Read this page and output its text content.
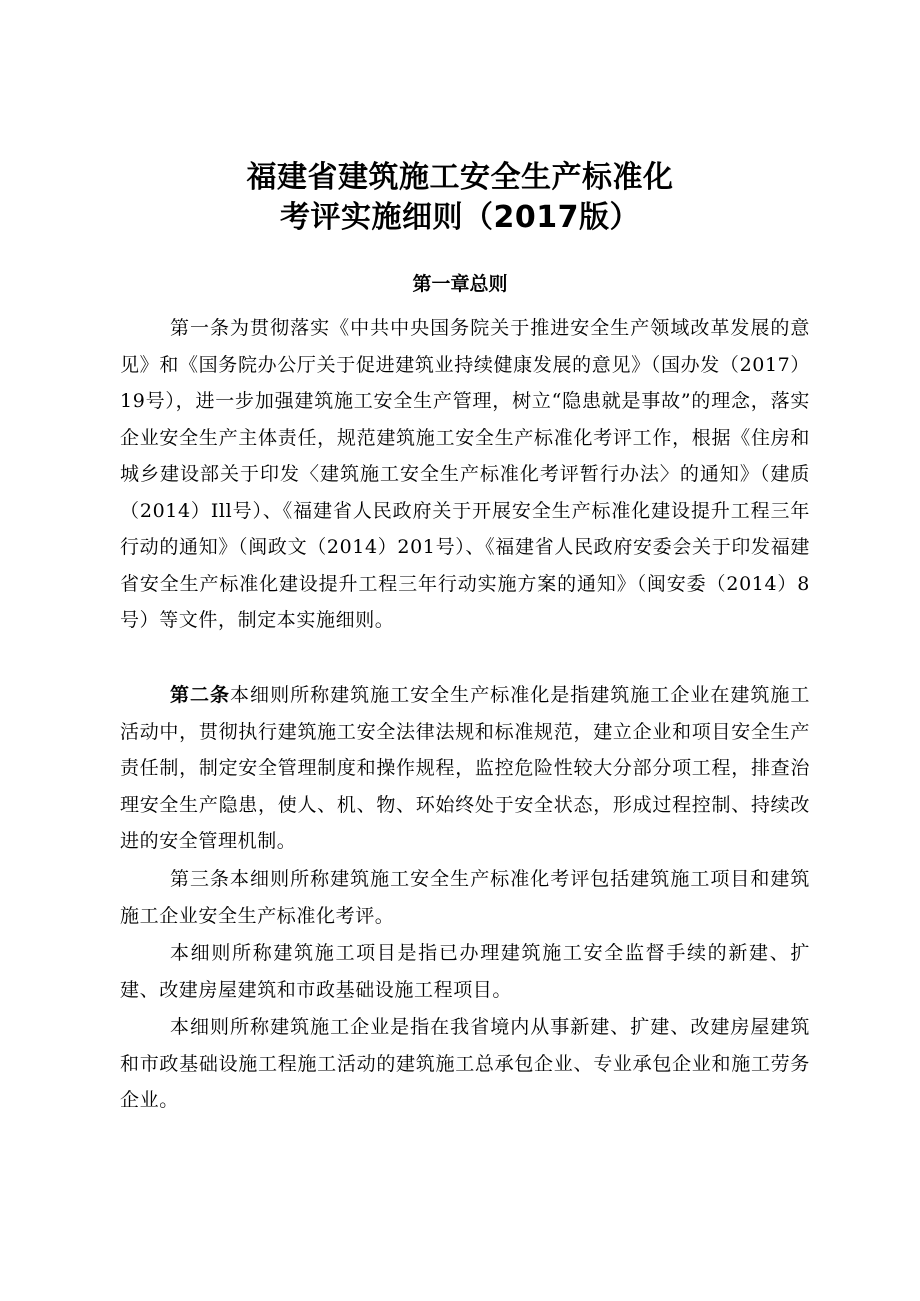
福建省建筑施工安全生产标准化
考评实施细则（2017版）
第一章总则

第一条为贯彻落实《中共中央国务院关于推进安全生产领域改革发展的意见》和《国务院办公厅关于促进建筑业持续健康发展的意见》（国办发（2017）19号），进一步加强建筑施工安全生产管理，树立“隐患就是事故”的理念，落实企业安全生产主体责任，规范建筑施工安全生产标准化考评工作，根据《住房和城乡建设部关于印发〈建筑施工安全生产标准化考评暂行办法〉的通知》（建质（2014）Ill号）、《福建省人民政府关于开展安全生产标准化建设提升工程三年行动的通知》（闽政文（2014）201号）、《福建省人民政府安委会关于印发福建省安全生产标准化建设提升工程三年行动实施方案的通知》（闽安委（2014）8号）等文件，制定本实施细则。

第二条本细则所称建筑施工安全生产标准化是指建筑施工企业在建筑施工活动中，贯彻执行建筑施工安全法律法规和标准规范，建立企业和项目安全生产责任制，制定安全管理制度和操作规程，监控危险性较大分部分项工程，排查治理安全生产隐患，使人、机、物、环始终处于安全状态，形成过程控制、持续改进的安全管理机制。

第三条本细则所称建筑施工安全生产标准化考评包括建筑施工项目和建筑施工企业安全生产标准化考评。

本细则所称建筑施工项目是指已办理建筑施工安全监督手续的新建、扩建、改建房屋建筑和市政基础设施工程项目。

本细则所称建筑施工企业是指在我省境内从事新建、扩建、改建房屋建筑和市政基础设施工程施工活动的建筑施工总承包企业、专业承包企业和施工劳务企业。
